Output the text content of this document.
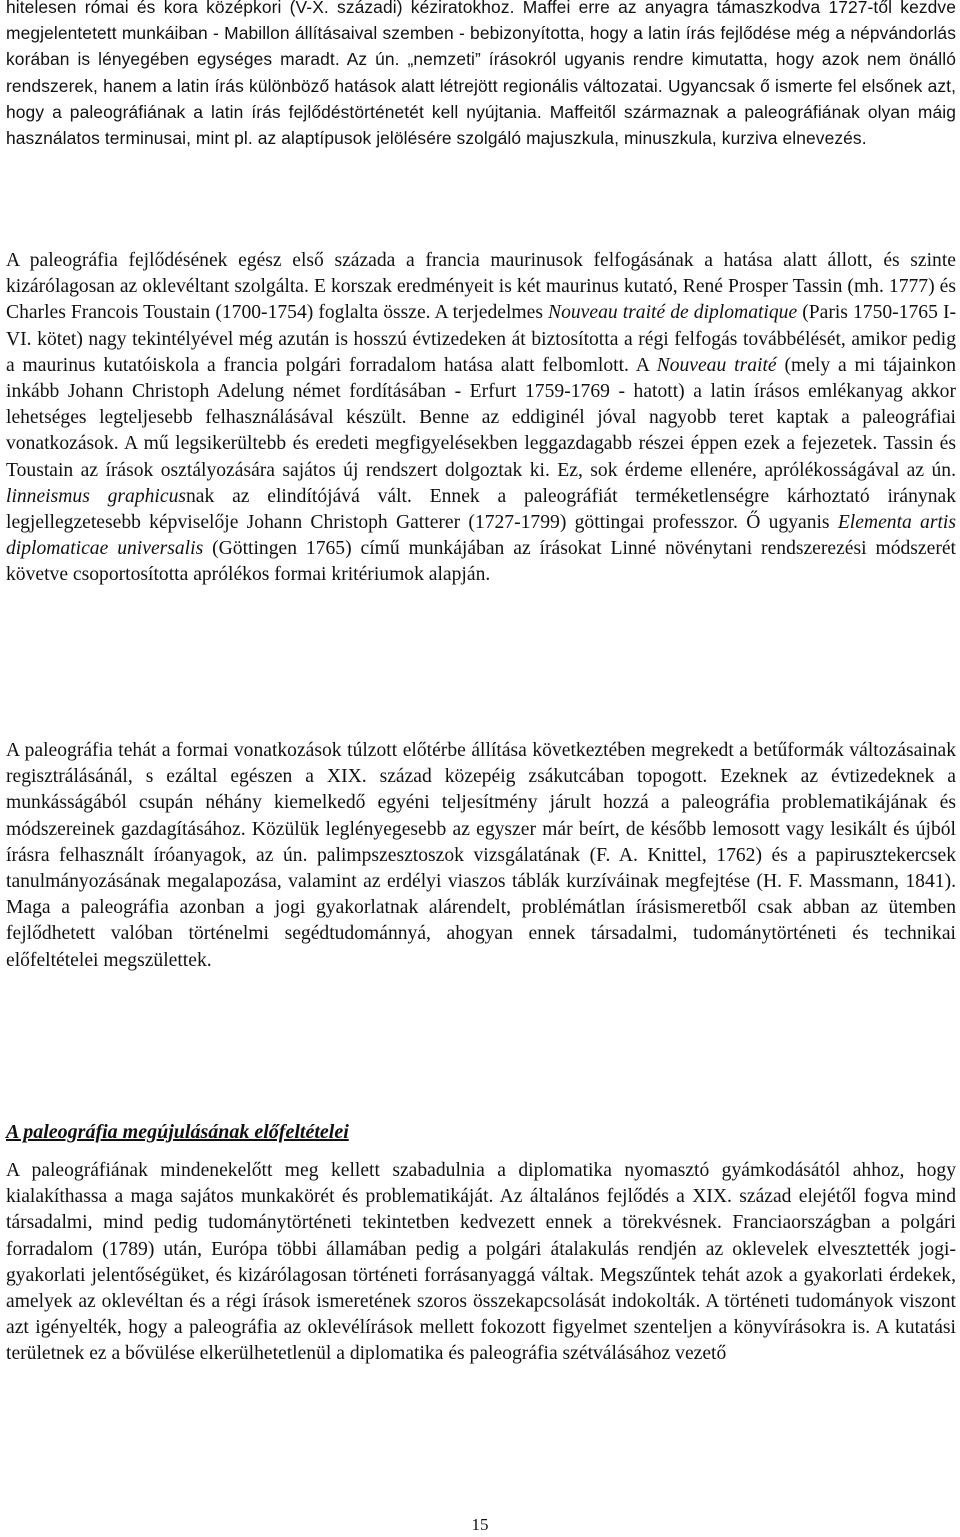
hitelesen római és kora középkori (V-X. századi) kéziratokhoz. Maffei erre az anyagra támaszkodva 1727-től kezdve megjelentetett munkáiban - Mabillon állításaival szemben - bebizonyította, hogy a latin írás fejlődése még a népvándorlás korában is lényegében egységes maradt. Az ún. „nemzeti” írásokról ugyanis rendre kimutatta, hogy azok nem önálló rendszerek, hanem a latin írás különböző hatások alatt létrejött regionális változatai. Ugyancsak ő ismerte fel elsőnek azt, hogy a paleográfiának a latin írás fejlődéstörténetét kell nyújtania. Maffeitől származnak a paleográfiának olyan máig használatos terminusai, mint pl. az alaptípusok jelölésére szolgáló majuszkula, minuszkula, kurziva elnevezés.

A paleográfia fejlődésének egész első százada a francia maurinusok felfogásának a hatása alatt állott, és szinte kizárólagosan az oklevéltant szolgálta. E korszak eredményeit is két maurinus kutató, René Prosper Tassin (mh. 1777) és Charles Francois Toustain (1700-1754) foglalta össze. A terjedelmes Nouveau traité de diplomatique (Paris 1750-1765 I-VI. kötet) nagy tekintélyével még azután is hosszú évtizedeken át biztosította a régi felfogás továbbélését, amikor pedig a maurinus kutatóiskola a francia polgári forradalom hatása alatt felbomlott. A Nouveau traité (mely a mi tájainkon inkább Johann Christoph Adelung német fordításában - Erfurt 1759-1769 - hatott) a latin írásos emlékanyag akkor lehetséges legteljesebb felhasználásával készült. Benne az eddiginél jóval nagyobb teret kaptak a paleográfiai vonatkozások. A mű legsikerültebb és eredeti megfigyelésekben leggazdagabb részei éppen ezek a fejezetek. Tassin és Toustain az írások osztályozására sajátos új rendszert dolgoztak ki. Ez, sok érdeme ellenére, aprólékosságával az ún. linneismus graphicusnak az elindítójává vált. Ennek a paleográfiát terméketlenségre kárhoztató iránynak legjellegzetesebb képviselője Johann Christoph Gatterer (1727-1799) göttingai professzor. Ő ugyanis Elementa artis diplomaticae universalis (Göttingen 1765) című munkájában az írásokat Linné növénytani rendszerezési módszerét követve csoportosította aprólékos formai kritériumok alapján.

A paleográfia tehát a formai vonatkozások túlzott előtérbe állítása következtében megrekedt a betűformák változásainak regisztrálásánál, s ezáltal egészen a XIX. század közepéig zsákutcában topogott. Ezeknek az évtizedeknek a munkásságából csupán néhány kiemelkedő egyéni teljesítmény járult hozzá a paleográfia problematikájának és módszereinek gazdagításához. Közülük leglényegesebb az egyszer már beírt, de később lemosott vagy lesikált és újból írásra felhasznált íróanyagok, az ún. palimpszesztoszok vizsgálatának (F. A. Knittel, 1762) és a papirusztekercsek tanulmányozásának megalapozása, valamint az erdélyi viaszos táblák kurzíváinak megfejtése (H. F. Massmann, 1841). Maga a paleográfia azonban a jogi gyakorlatnak alárendelt, problémátlan írásismeretből csak abban az ütemben fejlődhetett valóban történelmi segédtudománnyá, ahogyan ennek társadalmi, tudománytörténeti és technikai előfeltételei megszülettek.

A paleográfia megújulásának előfeltételei

A paleográfiának mindenekelőtt meg kellett szabadulnia a diplomatika nyomasztó gyámkodásától ahhoz, hogy kialakíthassa a maga sajátos munkakörét és problematikáját. Az általános fejlődés a XIX. század elejétől fogva mind társadalmi, mind pedig tudománytörténeti tekintetben kedvezett ennek a törekvésnek. Franciaországban a polgári forradalom (1789) után, Európa többi államában pedig a polgári átalakulás rendjén az oklevelek elvesztették jogi-gyakorlati jelentőségüket, és kizárólagosan történeti forrásanyaggá váltak. Megszűntek tehát azok a gyakorlati érdekek, amelyek az oklevéltan és a régi írások ismeretének szoros összekapcsolását indokolták. A történeti tudományok viszont azt igényelték, hogy a paleográfia az oklevélírások mellett fokozott figyelmet szenteljen a könyvírásokra is. A kutatási területnek ez a bővülése elkerülhetetlenül a diplomatika és paleográfia szétválásához vezető

15
